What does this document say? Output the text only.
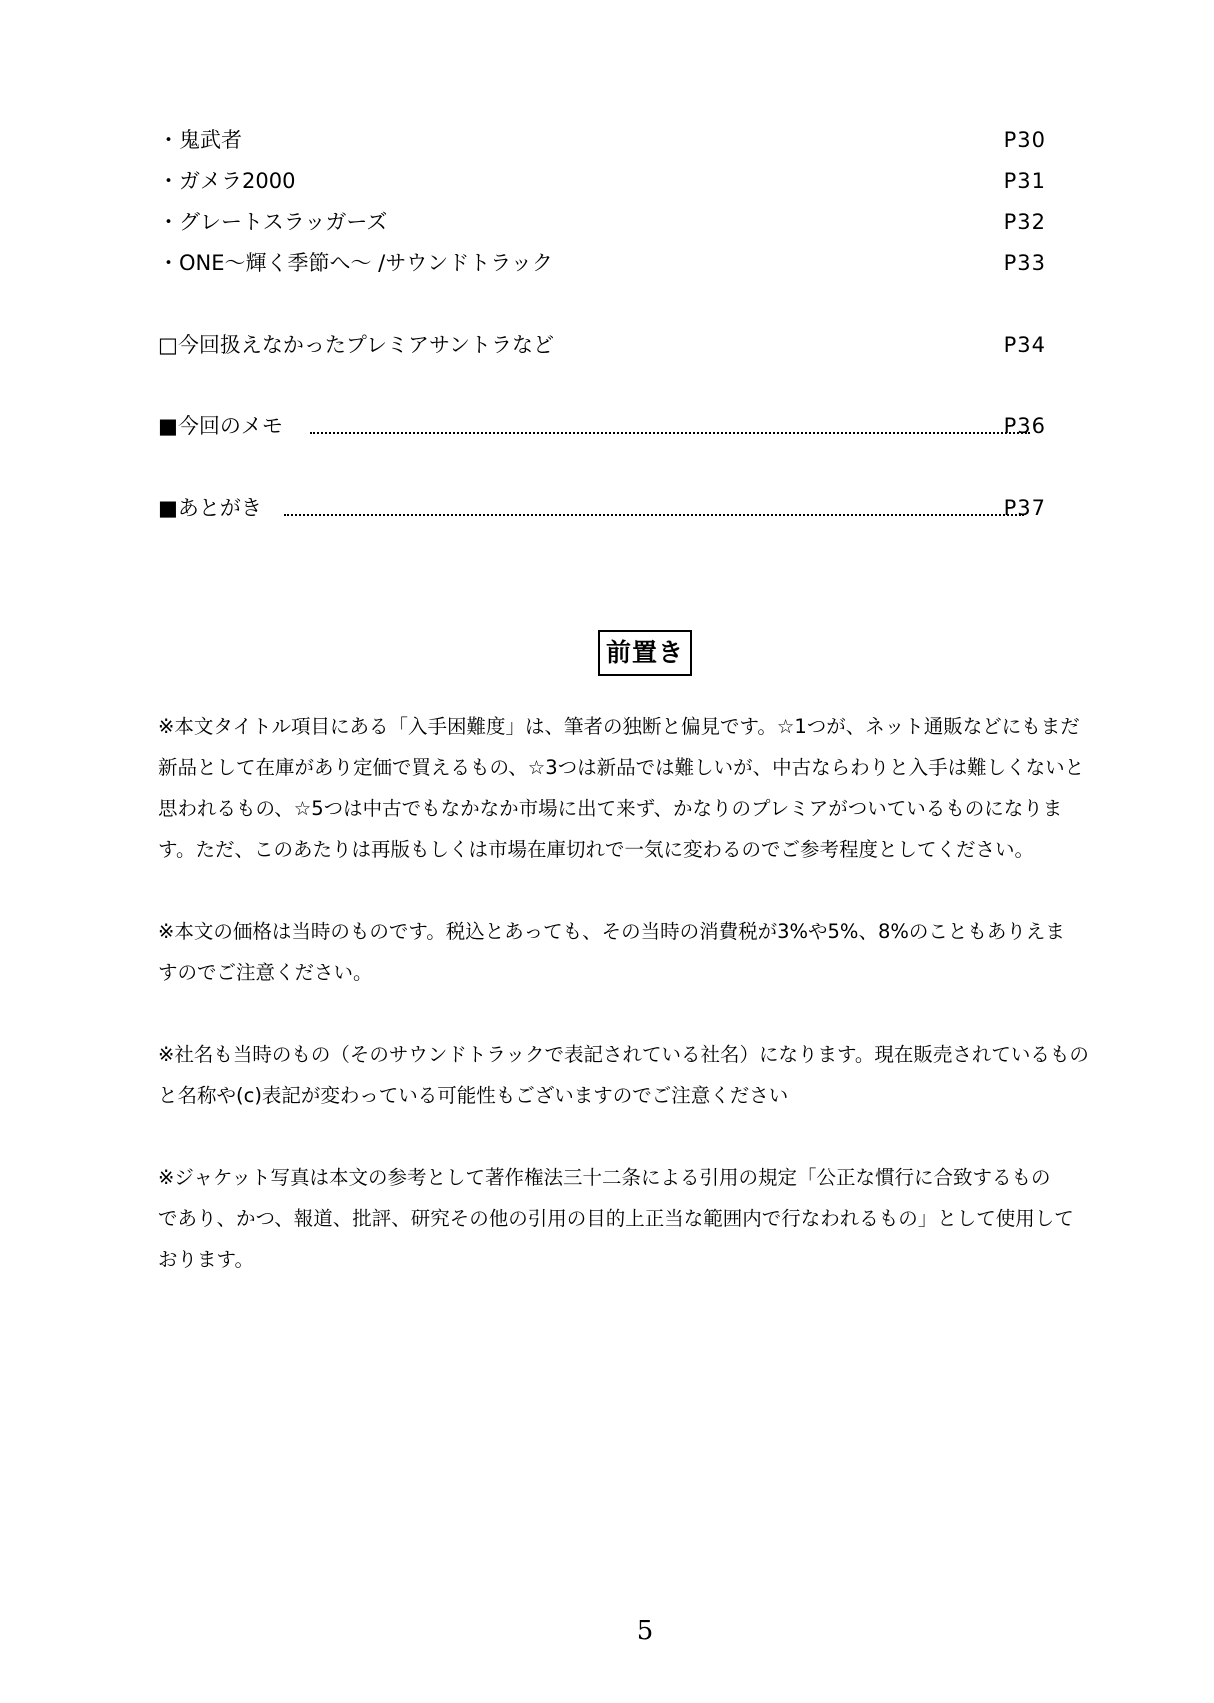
・鬼武者	P30
・ガメラ2000	P31
・グレートスラッガーズ	P32
・ONE～輝く季節へ～ /サウンドトラック	P33
□今回扱えなかったプレミアサントラなど	P34
■今回のメモ	P36
■あとがき	P37
前置き

※本文タイトル項目にある「入手困難度」は、筆者の独断と偏見です。☆1つが、ネット通販などにもまだ
新品として在庫があり定価で買えるもの、☆3つは新品では難しいが、中古ならわりと入手は難しくないと
思われるもの、☆5つは中古でもなかなか市場に出て来ず、かなりのプレミアがついているものになりま
す。ただ、このあたりは再版もしくは市場在庫切れで一気に変わるのでご参考程度としてください。

※本文の価格は当時のものです。税込とあっても、その当時の消費税が3%や5%、8%のこともありえま
すのでご注意ください。

※社名も当時のもの（そのサウンドトラックで表記されている社名）になります。現在販売されているもの
と名称や(c)表記が変わっている可能性もございますのでご注意ください

※ジャケット写真は本文の参考として著作権法三十二条による引用の規定「公正な慣行に合致するもの
であり、かつ、報道、批評、研究その他の引用の目的上正当な範囲内で行なわれるもの」として使用して
おります。

5
